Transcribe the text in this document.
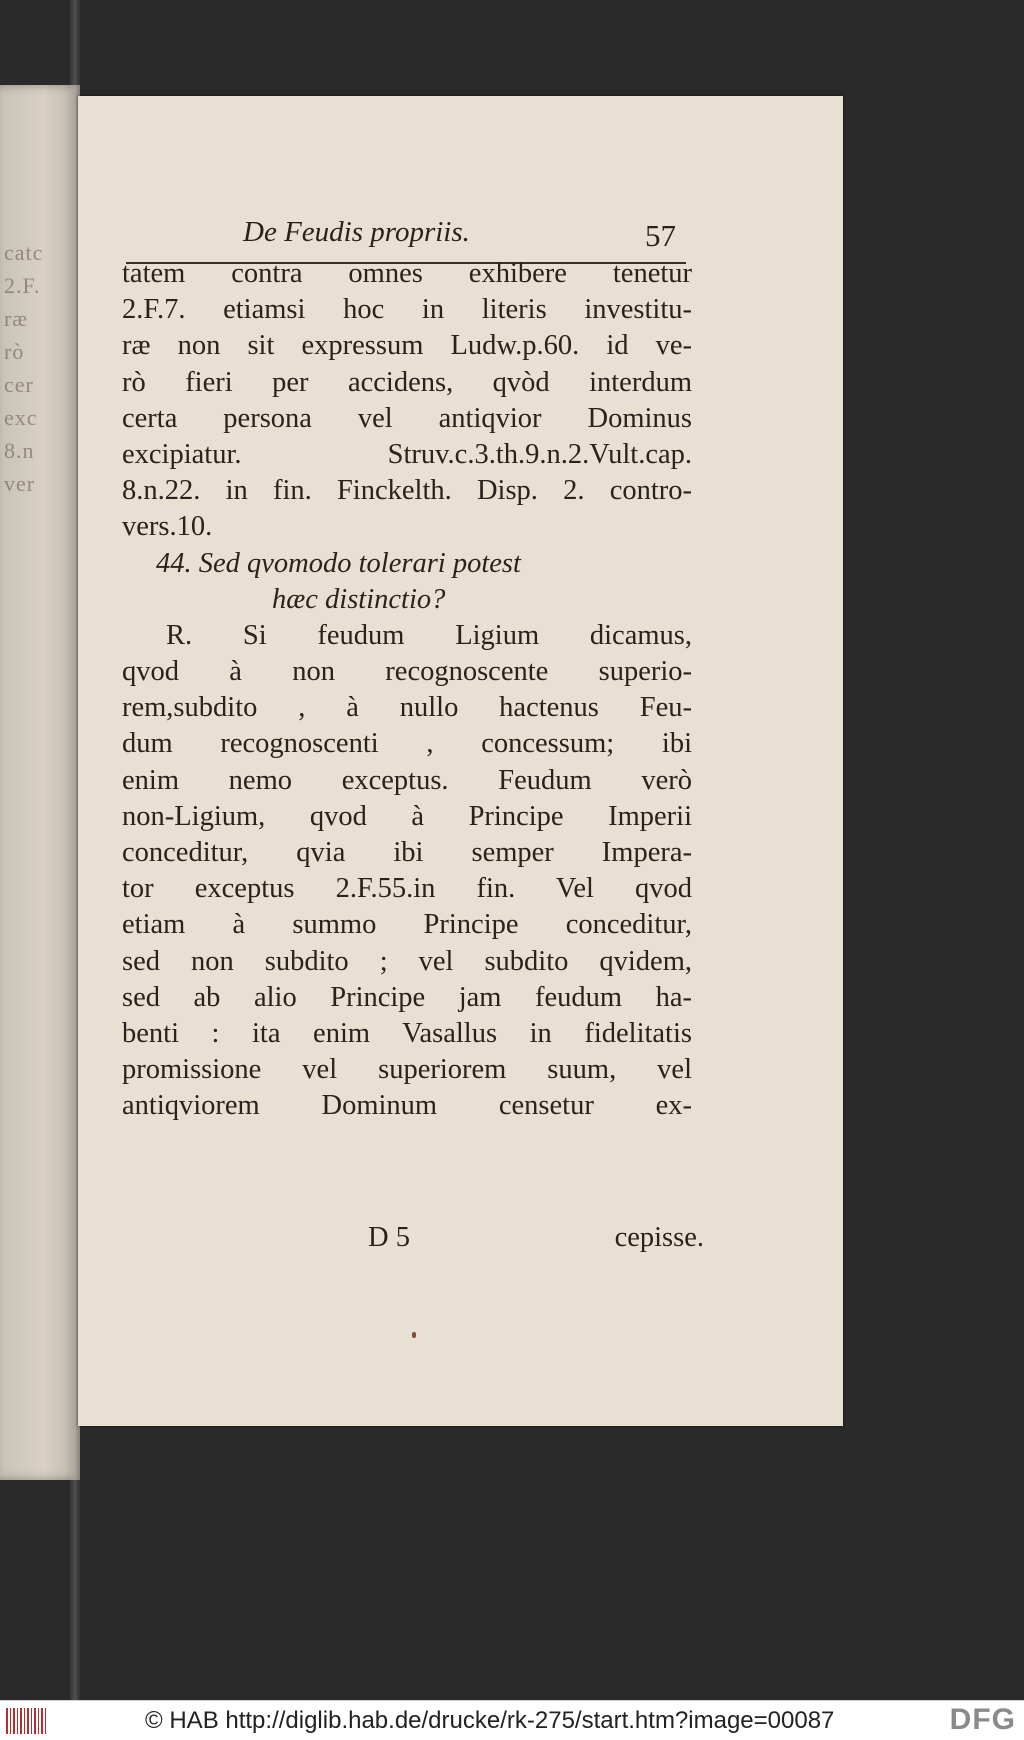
catc
2.F.
ræ
rò
cer
exc
8.n
ver
De Feudis propriis.	57
tatem contra omnes exhibere tenetur
2.F.7. etiamsi hoc in literis investitu-
ræ non sit expressum Ludw.p.60. id ve-
rò fieri per accidens, qvòd interdum
certa persona vel antiqvior Dominus
excipiatur. Struv.c.3.th.9.n.2.Vult.cap.
8.n.22. in fin. Finckelth. Disp. 2. contro-
vers.10.
44. Sed qvomodo tolerari potest
hæc distinctio?
R. Si feudum Ligium dicamus,
qvod à non recognoscente superio-
rem,subdito , à nullo hactenus Feu-
dum recognoscenti , concessum; ibi
enim nemo exceptus. Feudum verò
non-Ligium, qvod à Principe Imperii
conceditur, qvia ibi semper Impera-
tor exceptus 2.F.55.in fin. Vel qvod
etiam à summo Principe conceditur,
sed non subdito ; vel subdito qvidem,
sed ab alio Principe jam feudum ha-
benti : ita enim Vasallus in fidelitatis
promissione vel superiorem suum, vel
antiqviorem Dominum censetur ex-
D 5	cepisse.
© HAB http://diglib.hab.de/drucke/rk-275/start.htm?image=00087	DFG
